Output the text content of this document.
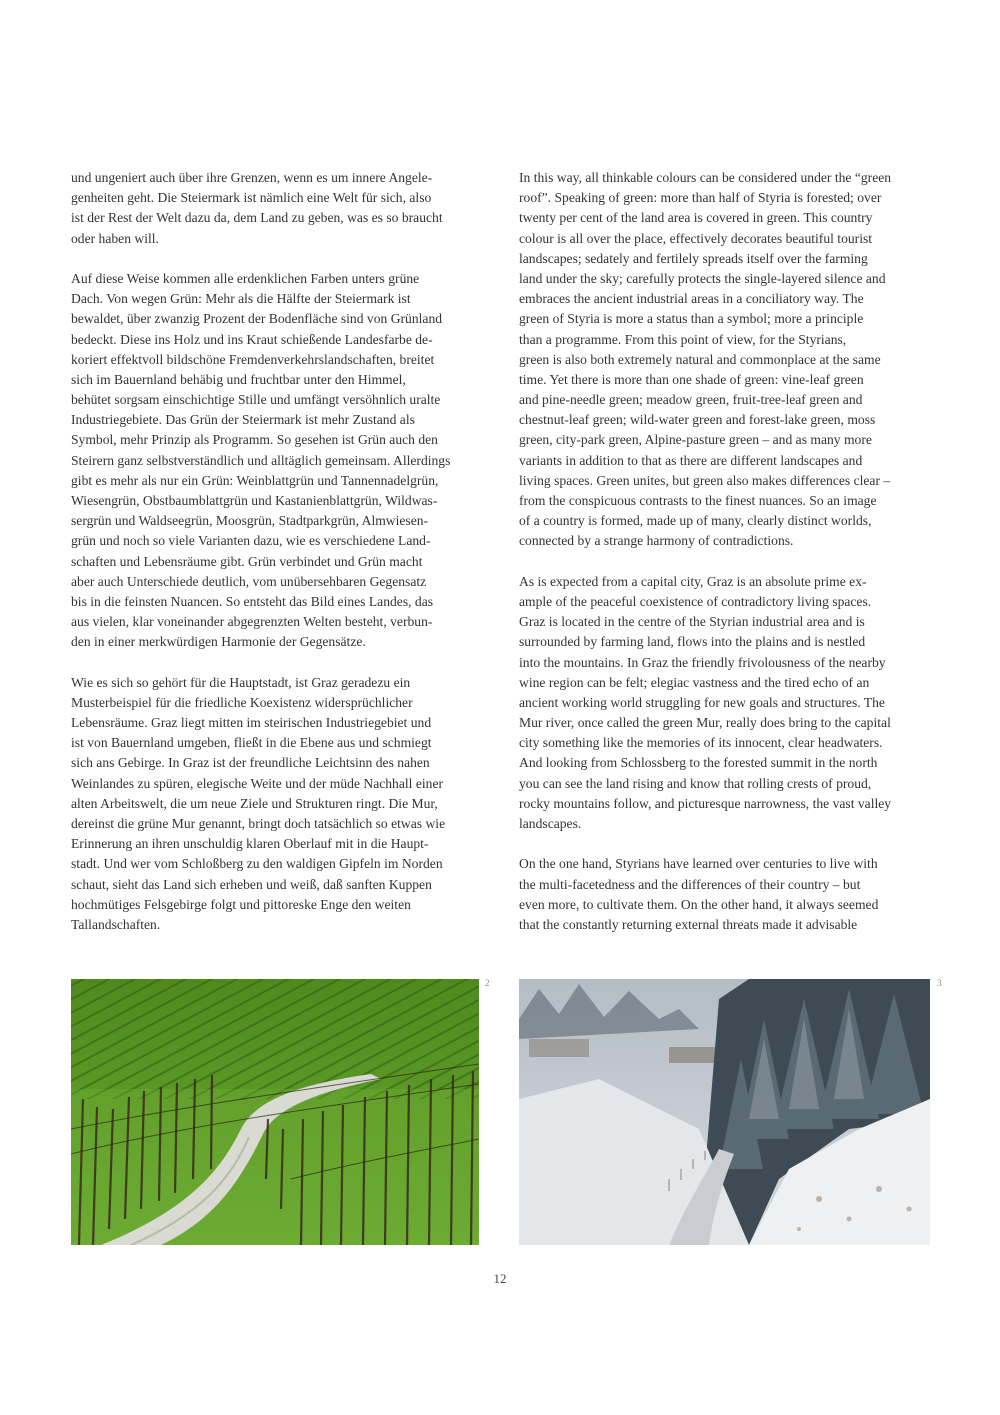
und ungeniert auch über ihre Grenzen, wenn es um innere Angele-
genheiten geht. Die Steiermark ist nämlich eine Welt für sich, also
ist der Rest der Welt dazu da, dem Land zu geben, was es so braucht
oder haben will.
Auf diese Weise kommen alle erdenklichen Farben unters grüne
Dach. Von wegen Grün: Mehr als die Hälfte der Steiermark ist
bewaldet, über zwanzig Prozent der Bodenfläche sind von Grünland
bedeckt. Diese ins Holz und ins Kraut schießende Landesfarbe de-
koriert effektvoll bildschöne Fremdenverkehrslandschaften, breitet
sich im Bauernland behäbig und fruchtbar unter den Himmel,
behütet sorgsam einschichtige Stille und umfängt versöhnlich uralte
Industriegebiete. Das Grün der Steiermark ist mehr Zustand als
Symbol, mehr Prinzip als Programm. So gesehen ist Grün auch den
Steirern ganz selbstverständlich und alltäglich gemeinsam. Allerdings
gibt es mehr als nur ein Grün: Weinblattgrün und Tannennadelgrün,
Wiesengrün, Obstbaumblattgrün und Kastanienblattgrün, Wildwas-
sergrün und Waldseegrün, Moosgrün, Stadtparkgrün, Almwiesen-
grün und noch so viele Varianten dazu, wie es verschiedene Land-
schaften und Lebensräume gibt. Grün verbindet und Grün macht
aber auch Unterschiede deutlich, vom unübersehbaren Gegensatz
bis in die feinsten Nuancen. So entsteht das Bild eines Landes, das
aus vielen, klar voneinander abgegrenzten Welten besteht, verbun-
den in einer merkwürdigen Harmonie der Gegensätze.
Wie es sich so gehört für die Hauptstadt, ist Graz geradezu ein
Musterbeispiel für die friedliche Koexistenz widersprüchlicher
Lebensräume. Graz liegt mitten im steirischen Industriegebiet und
ist von Bauernland umgeben, fließt in die Ebene aus und schmiegt
sich ans Gebirge. In Graz ist der freundliche Leichtsinn des nahen
Weinlandes zu spüren, elegische Weite und der müde Nachhall einer
alten Arbeitswelt, die um neue Ziele und Strukturen ringt. Die Mur,
dereinst die grüne Mur genannt, bringt doch tatsächlich so etwas wie
Erinnerung an ihren unschuldig klaren Oberlauf mit in die Haupt-
stadt. Und wer vom Schloßberg zu den waldigen Gipfeln im Norden
schaut, sieht das Land sich erheben und weiß, daß sanften Kuppen
hochmütiges Felsgebirge folgt und pittoreske Enge den weiten
Tallandschaften.
In this way, all thinkable colours can be considered under the “green
roof”. Speaking of green: more than half of Styria is forested; over
twenty per cent of the land area is covered in green. This country
colour is all over the place, effectively decorates beautiful tourist
landscapes; sedately and fertilely spreads itself over the farming
land under the sky; carefully protects the single-layered silence and
embraces the ancient industrial areas in a conciliatory way. The
green of Styria is more a status than a symbol; more a principle
than a programme. From this point of view, for the Styrians,
green is also both extremely natural and commonplace at the same
time. Yet there is more than one shade of green: vine-leaf green
and pine-needle green; meadow green, fruit-tree-leaf green and
chestnut-leaf green; wild-water green and forest-lake green, moss
green, city-park green, Alpine-pasture green – and as many more
variants in addition to that as there are different landscapes and
living spaces. Green unites, but green also makes differences clear –
from the conspicuous contrasts to the finest nuances. So an image
of a country is formed, made up of many, clearly distinct worlds,
connected by a strange harmony of contradictions.
As is expected from a capital city, Graz is an absolute prime ex-
ample of the peaceful coexistence of contradictory living spaces.
Graz is located in the centre of the Styrian industrial area and is
surrounded by farming land, flows into the plains and is nestled
into the mountains. In Graz the friendly frivolousness of the nearby
wine region can be felt; elegiac vastness and the tired echo of an
ancient working world struggling for new goals and structures. The
Mur river, once called the green Mur, really does bring to the capital
city something like the memories of its innocent, clear headwaters.
And looking from Schlossberg to the forested summit in the north
you can see the land rising and know that rolling crests of proud,
rocky mountains follow, and picturesque narrowness, the vast valley
landscapes.
On the one hand, Styrians have learned over centuries to live with
the multi-facetedness and the differences of their country – but
even more, to cultivate them. On the other hand, it always seemed
that the constantly returning external threats made it advisable
2	3
12
